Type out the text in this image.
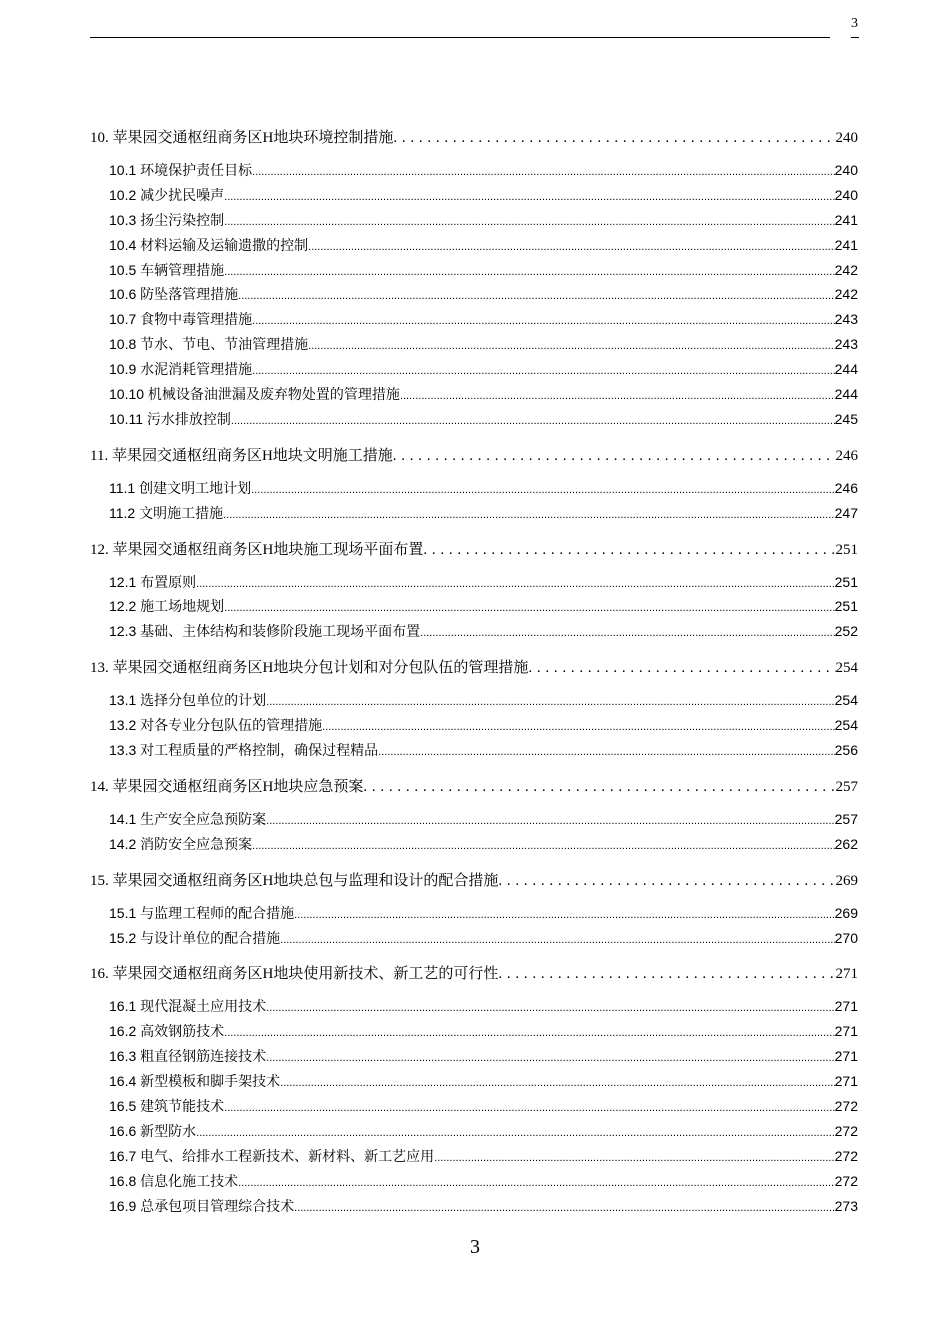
3
10. 苹果园交通枢纽商务区H地块环境控制措施 . . .	240
10.1 环境保护责任目标 .....	240
10.2 减少扰民噪声 .....	240
10.3 扬尘污染控制 .....	241
10.4 材料运输及运输遗撒的控制 .....	241
10.5 车辆管理措施 .....	242
10.6 防坠落管理措施 .....	242
10.7 食物中毒管理措施 .....	243
10.8 节水、节电、节油管理措施 .....	243
10.9 水泥消耗管理措施 .....	244
10.10 机械设备油泄漏及废弃物处置的管理措施 .....	244
10.11 污水排放控制 .....	245
11. 苹果园交通枢纽商务区H地块文明施工措施 . . .	246
11.1 创建文明工地计划 .....	246
11.2 文明施工措施 .....	247
12. 苹果园交通枢纽商务区H地块施工现场平面布置 . . .	251
12.1 布置原则 .....	251
12.2 施工场地规划 .....	251
12.3 基础、主体结构和装修阶段施工现场平面布置 .....	252
13. 苹果园交通枢纽商务区H地块分包计划和对分包队伍的管理措施 . . .	254
13.1 选择分包单位的计划 .....	254
13.2 对各专业分包队伍的管理措施 .....	254
13.3 对工程质量的严格控制，确保过程精品 .....	256
14. 苹果园交通枢纽商务区H地块应急预案 . . .	257
14.1 生产安全应急预防案 .....	257
14.2 消防安全应急预案 .....	262
15. 苹果园交通枢纽商务区H地块总包与监理和设计的配合措施 . . .	269
15.1 与监理工程师的配合措施 .....	269
15.2 与设计单位的配合措施 .....	270
16. 苹果园交通枢纽商务区H地块使用新技术、新工艺的可行性 . . .	271
16.1 现代混凝土应用技术 .....	271
16.2 高效钢筋技术 .....	271
16.3 粗直径钢筋连接技术 .....	271
16.4 新型模板和脚手架技术 .....	271
16.5 建筑节能技术 .....	272
16.6 新型防水 .....	272
16.7 电气、给排水工程新技术、新材料、新工艺应用 .....	272
16.8 信息化施工技术 .....	272
16.9 总承包项目管理综合技术 .....	273
3
